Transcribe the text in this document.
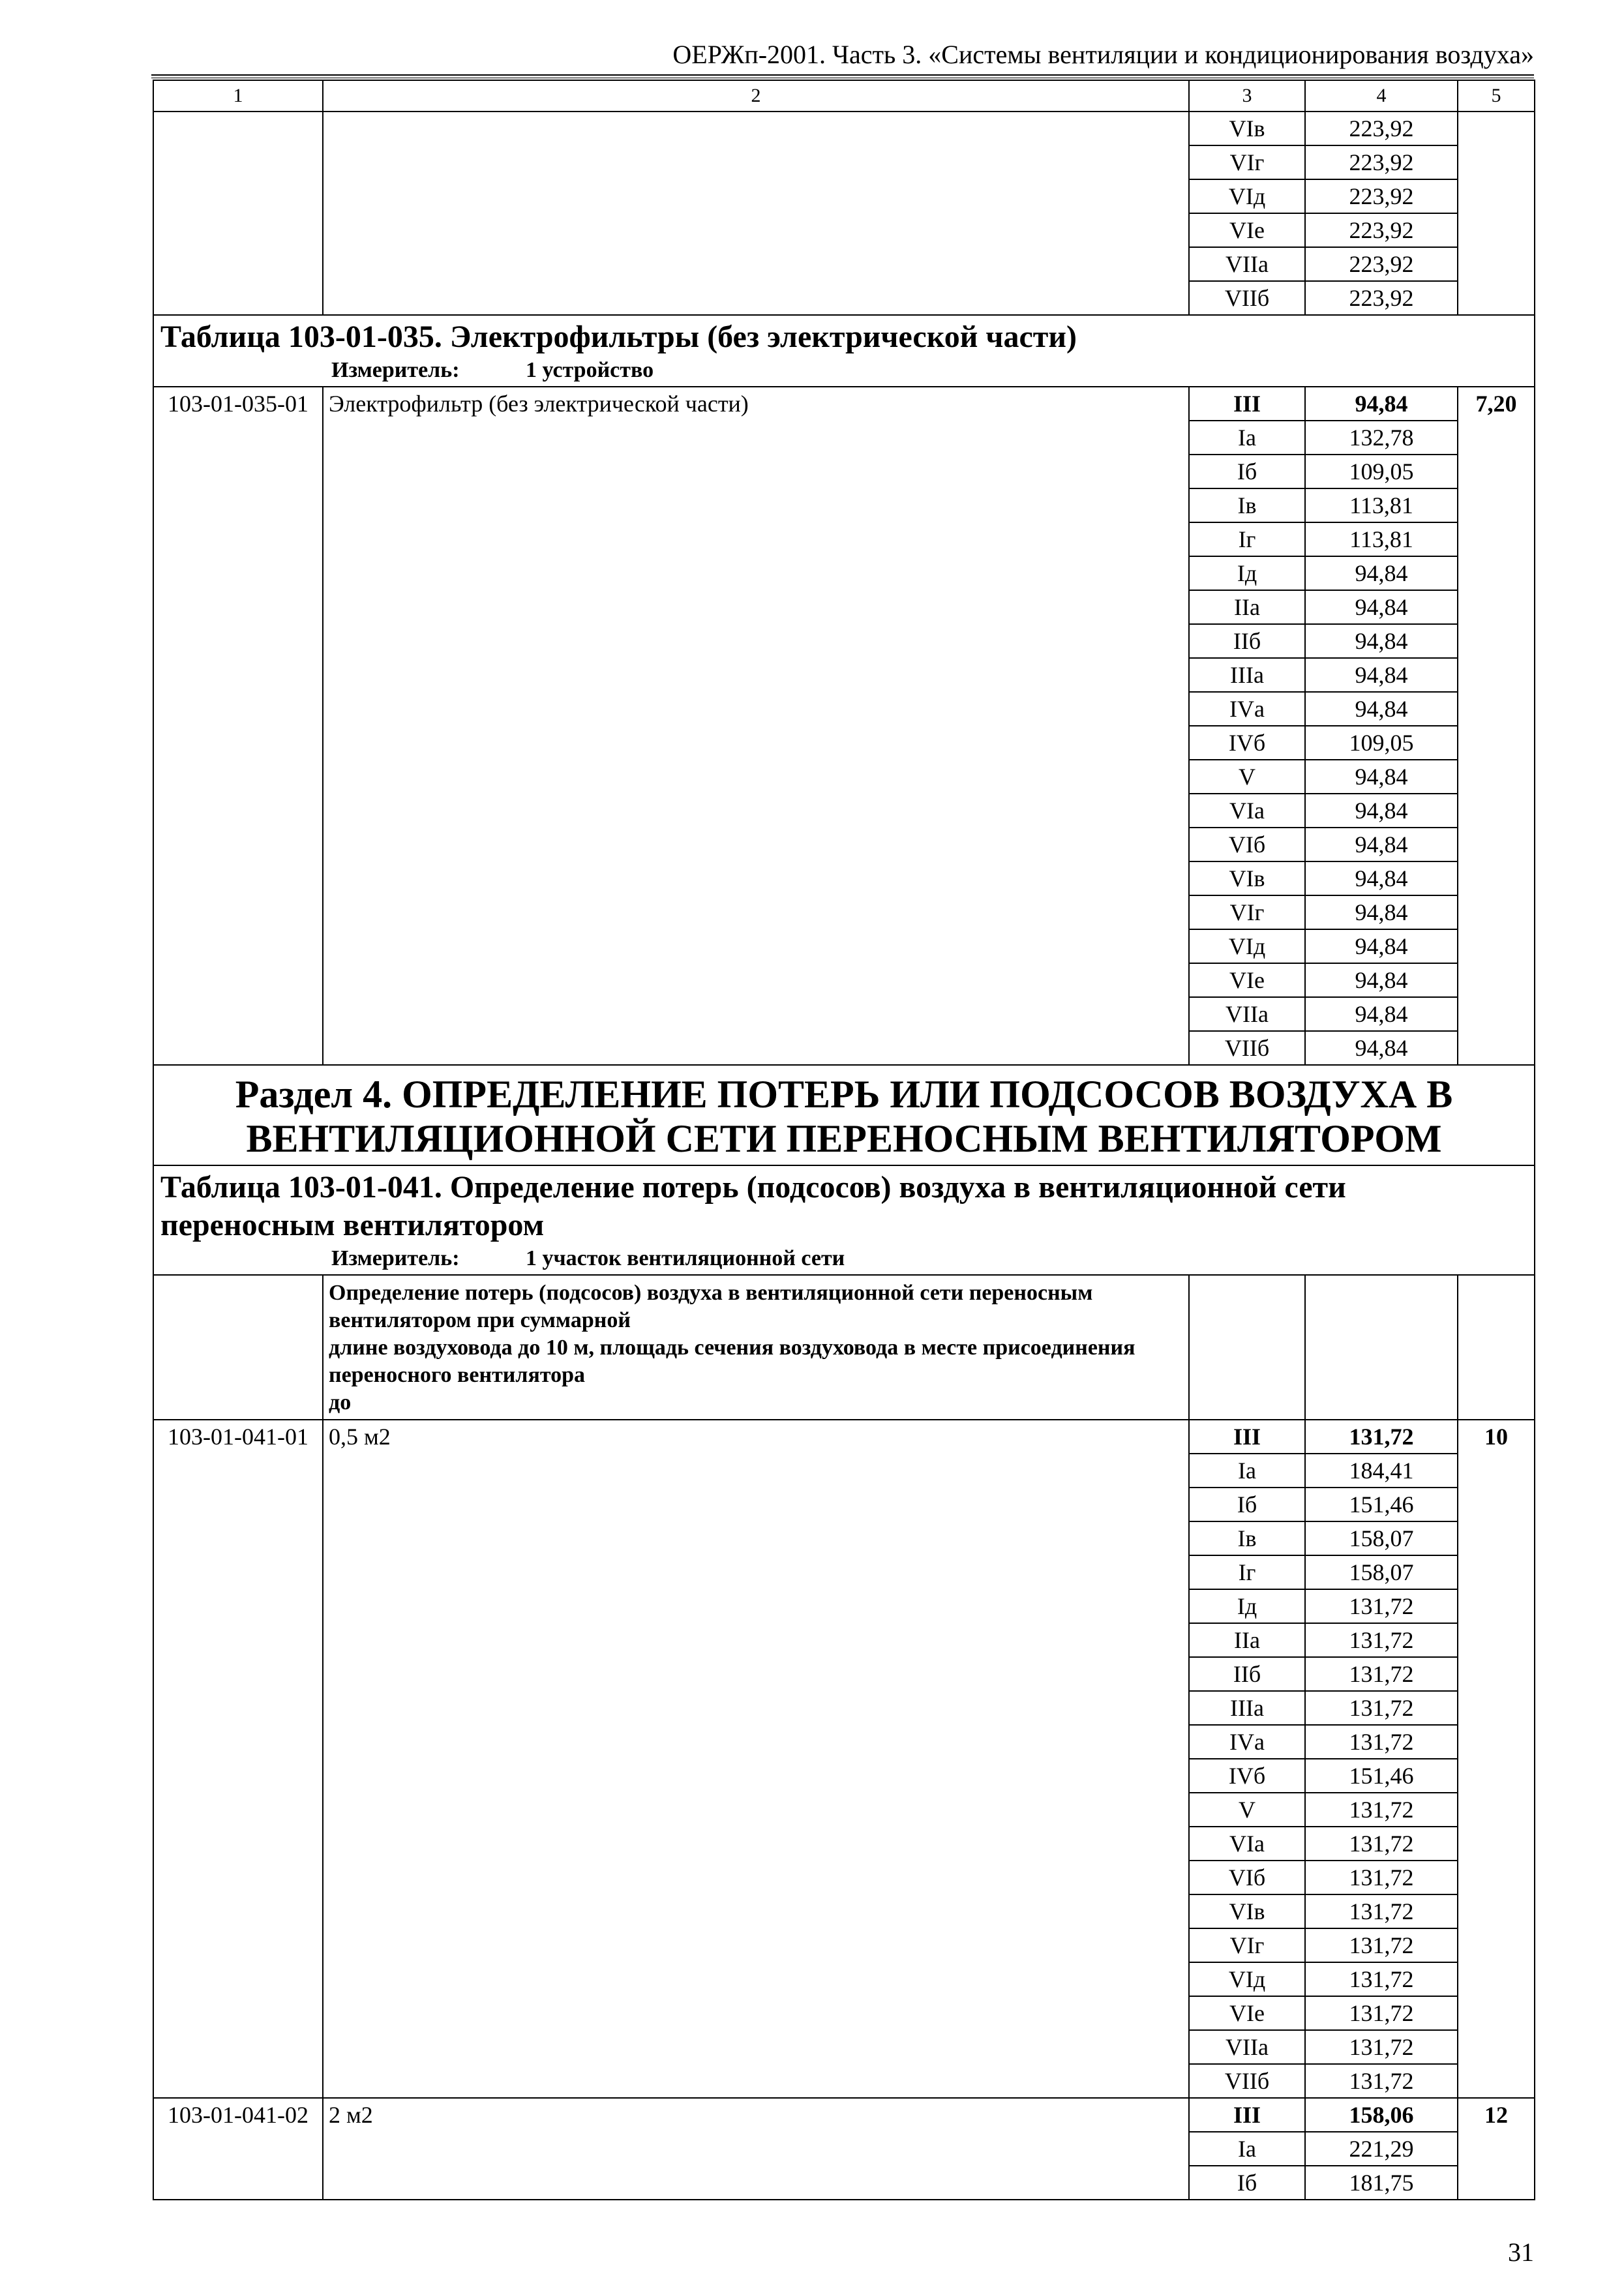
ОЕРЖп-2001. Часть 3. «Системы вентиляции и кондиционирования воздуха»
1	2	3	4	5
		VIв	223,92	
		VIг	223,92	
		VIд	223,92	
		VIе	223,92	
		VIIа	223,92	
		VIIб	223,92	

Таблица 103-01-035. Электрофильтры (без электрической части)
Измеритель: 1 устройство				

103-01-035-01	Электрофильтр (без электрической части)	III	94,84	7,20
		Iа	132,78	
		Iб	109,05	
		Iв	113,81	
		Iг	113,81	
		Iд	94,84	
		IIа	94,84	
		IIб	94,84	
		IIIа	94,84	
		IVа	94,84	
		IVб	109,05	
		V	94,84	
		VIа	94,84	
		VIб	94,84	
		VIв	94,84	
		VIг	94,84	
		VIд	94,84	
		VIе	94,84	
		VIIа	94,84	
		VIIб	94,84	

Раздел 4. ОПРЕДЕЛЕНИЕ ПОТЕРЬ ИЛИ ПОДСОСОВ ВОЗДУХА В
ВЕНТИЛЯЦИОННОЙ СЕТИ ПЕРЕНОСНЫМ ВЕНТИЛЯТОРОМ				

Таблица 103-01-041. Определение потерь (подсосов) воздуха в вентиляционной сети
переносным вентилятором
Измеритель: 1 участок вентиляционной сети				

	Определение потерь (подсосов) воздуха в вентиляционной сети переносным вентилятором при суммарной
длине воздуховода до 10 м, площадь сечения воздуховода в месте присоединения переносного вентилятора
до			

103-01-041-01	0,5 м2	III	131,72	10
		Iа	184,41	
		Iб	151,46	
		Iв	158,07	
		Iг	158,07	
		Iд	131,72	
		IIа	131,72	
		IIб	131,72	
		IIIа	131,72	
		IVа	131,72	
		IVб	151,46	
		V	131,72	
		VIа	131,72	
		VIб	131,72	
		VIв	131,72	
		VIг	131,72	
		VIд	131,72	
		VIе	131,72	
		VIIа	131,72	
		VIIб	131,72	
103-01-041-02	2 м2	III	158,06	12
		Iа	221,29	
		Iб	181,75	
31
